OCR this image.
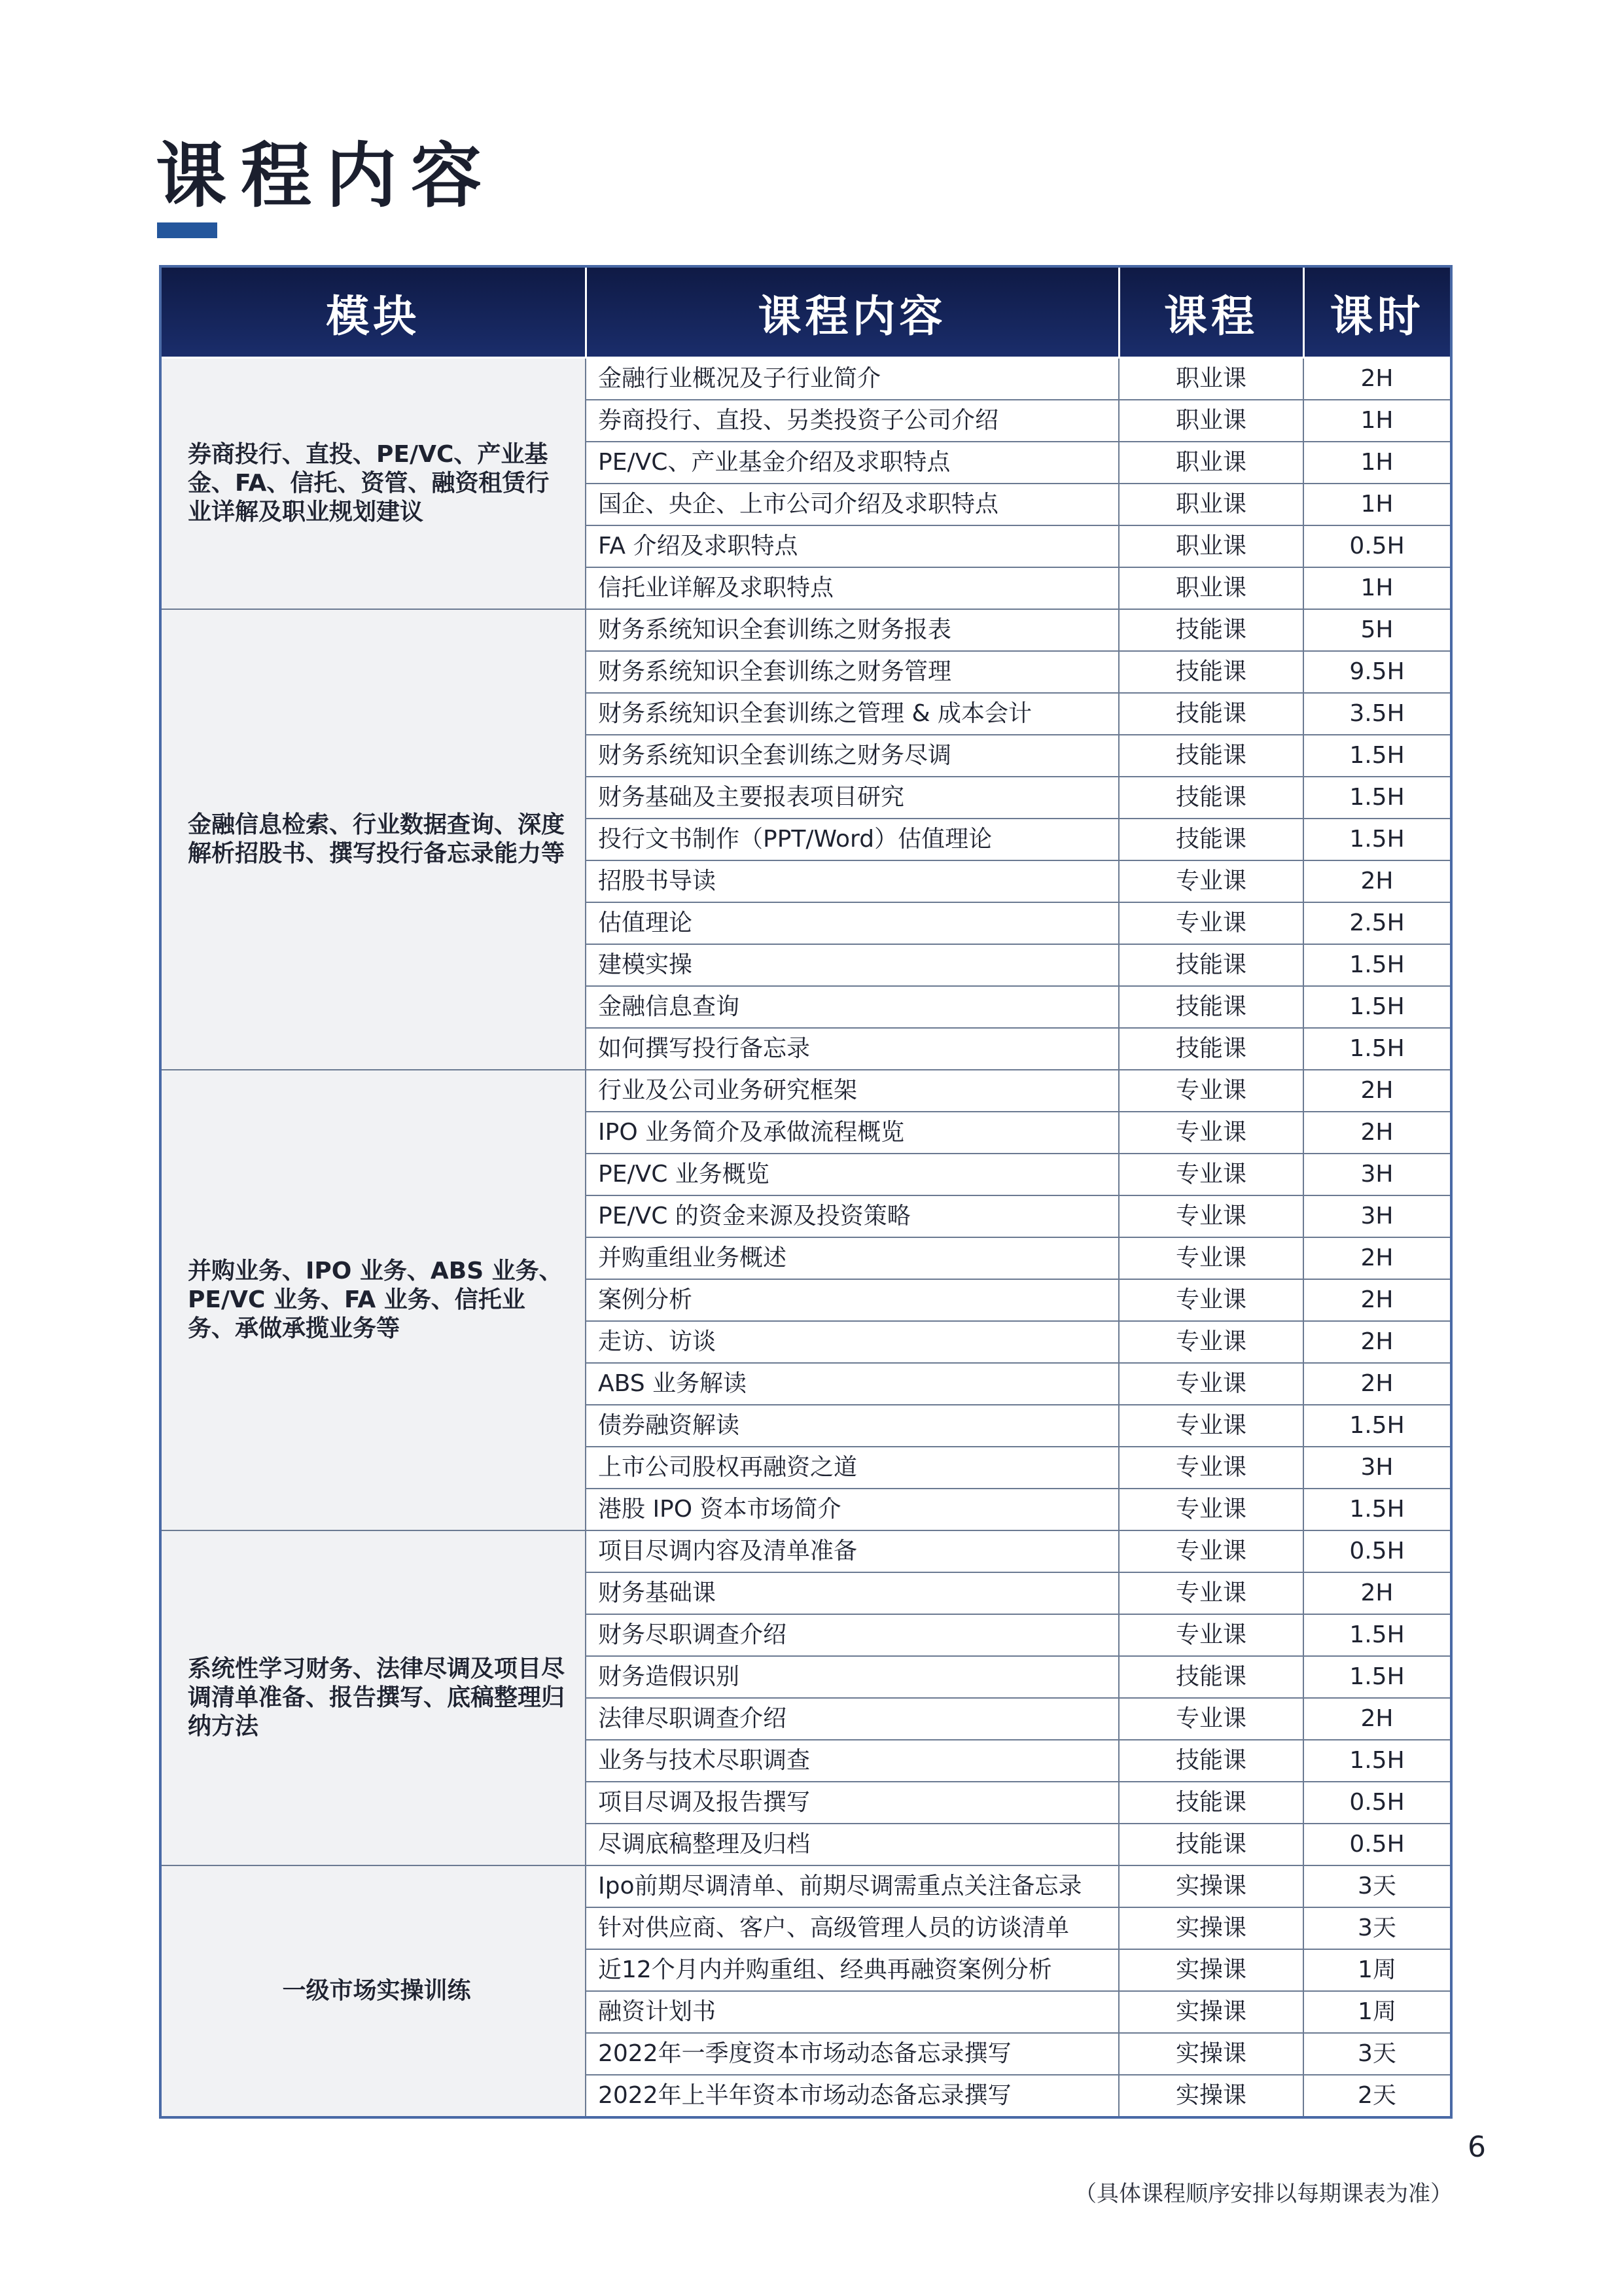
课程内容
模块	课程内容	课程	课时
券商投行、直投、PE/VC、产业基金、FA、信托、资管、融资租赁行业详解及职业规划建议	金融行业概况及子行业简介	职业课	2H
	券商投行、直投、另类投资子公司介绍	职业课	1H
	PE/VC、产业基金介绍及求职特点	职业课	1H
	国企、央企、上市公司介绍及求职特点	职业课	1H
	FA 介绍及求职特点	职业课	0.5H
	信托业详解及求职特点	职业课	1H
金融信息检索、行业数据查询、深度解析招股书、撰写投行备忘录能力等	财务系统知识全套训练之财务报表	技能课	5H
	财务系统知识全套训练之财务管理	技能课	9.5H
	财务系统知识全套训练之管理 & 成本会计	技能课	3.5H
	财务系统知识全套训练之财务尽调	技能课	1.5H
	财务基础及主要报表项目研究	技能课	1.5H
	投行文书制作（PPT/Word）估值理论	技能课	1.5H
	招股书导读	专业课	2H
	估值理论	专业课	2.5H
	建模实操	技能课	1.5H
	金融信息查询	技能课	1.5H
	如何撰写投行备忘录	技能课	1.5H
并购业务、IPO 业务、ABS 业务、PE/VC 业务、FA 业务、信托业务、承做承揽业务等	行业及公司业务研究框架	专业课	2H
	IPO 业务简介及承做流程概览	专业课	2H
	PE/VC 业务概览	专业课	3H
	PE/VC 的资金来源及投资策略	专业课	3H
	并购重组业务概述	专业课	2H
	案例分析	专业课	2H
	走访、访谈	专业课	2H
	ABS 业务解读	专业课	2H
	债券融资解读	专业课	1.5H
	上市公司股权再融资之道	专业课	3H
	港股 IPO 资本市场简介	专业课	1.5H
系统性学习财务、法律尽调及项目尽调清单准备、报告撰写、底稿整理归纳方法	项目尽调内容及清单准备	专业课	0.5H
	财务基础课	专业课	2H
	财务尽职调查介绍	专业课	1.5H
	财务造假识别	技能课	1.5H
	法律尽职调查介绍	专业课	2H
	业务与技术尽职调查	技能课	1.5H
	项目尽调及报告撰写	技能课	0.5H
	尽调底稿整理及归档	技能课	0.5H
一级市场实操训练	Ipo前期尽调清单、前期尽调需重点关注备忘录	实操课	3天
	针对供应商、客户、高级管理人员的访谈清单	实操课	3天
	近12个月内并购重组、经典再融资案例分析	实操课	1周
	融资计划书	实操课	1周
	2022年一季度资本市场动态备忘录撰写	实操课	3天
	2022年上半年资本市场动态备忘录撰写	实操课	2天

6

（具体课程顺序安排以每期课表为准）
